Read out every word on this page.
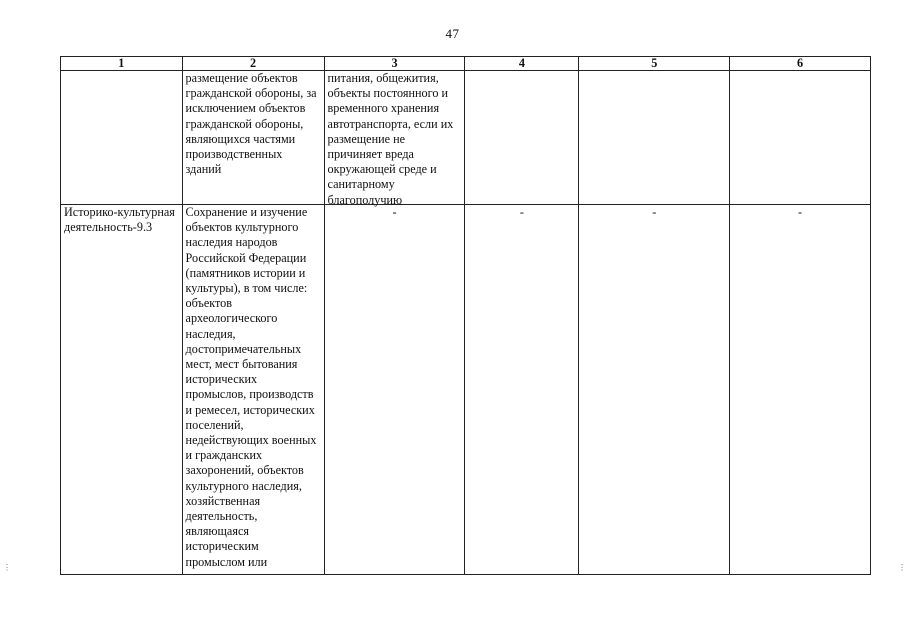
47
1	2	3	4	5	6

	размещение объектов гражданской обороны, за исключением объектов гражданской обороны, являющихся частями производственных зданий	питания, общежития, объекты постоянного и временного хранения автотранспорта, если их размещение не причиняет вреда окружающей среде и санитарному благополучию			

Историко-культурная деятельность-9.3	Сохранение и изучение объектов культурного наследия народов Российской Федерации (памятников истории и культуры), в том числе: объектов археологического наследия, достопримечательных мест, мест бытования исторических промыслов, производств и ремесел, исторических поселений, недействующих военных и гражданских захоронений, объектов культурного наследия, хозяйственная деятельность, являющаяся историческим промыслом или	-	-	-	-
⋮	⋮
